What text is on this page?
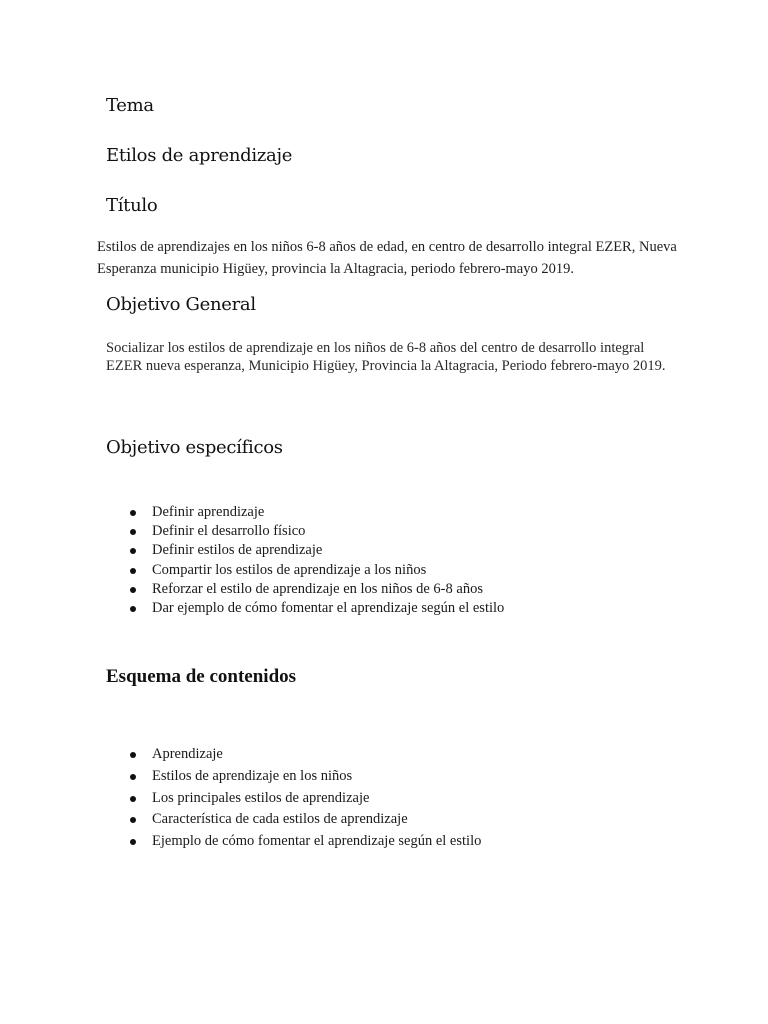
Tema
Etilos de aprendizaje
Título

Estilos de aprendizajes en los niños 6-8 años de edad, en centro de desarrollo integral EZER, Nueva Esperanza municipio Higüey, provincia la Altagracia, periodo febrero-mayo 2019.

Objetivo General

Socializar los estilos de aprendizaje en los niños de 6-8 años del centro de desarrollo integral EZER nueva esperanza, Municipio Higüey, Provincia la Altagracia, Periodo febrero-mayo 2019.

Objetivo específicos
Definir aprendizaje
Definir el desarrollo físico
Definir estilos de aprendizaje
Compartir los estilos de aprendizaje a los niños
Reforzar el estilo de aprendizaje en los niños de 6-8 años
Dar ejemplo de cómo fomentar el aprendizaje según el estilo
Esquema de contenidos
Aprendizaje
Estilos de aprendizaje en los niños
Los principales estilos de aprendizaje
Característica de cada estilos de aprendizaje
Ejemplo de cómo fomentar el aprendizaje según el estilo
